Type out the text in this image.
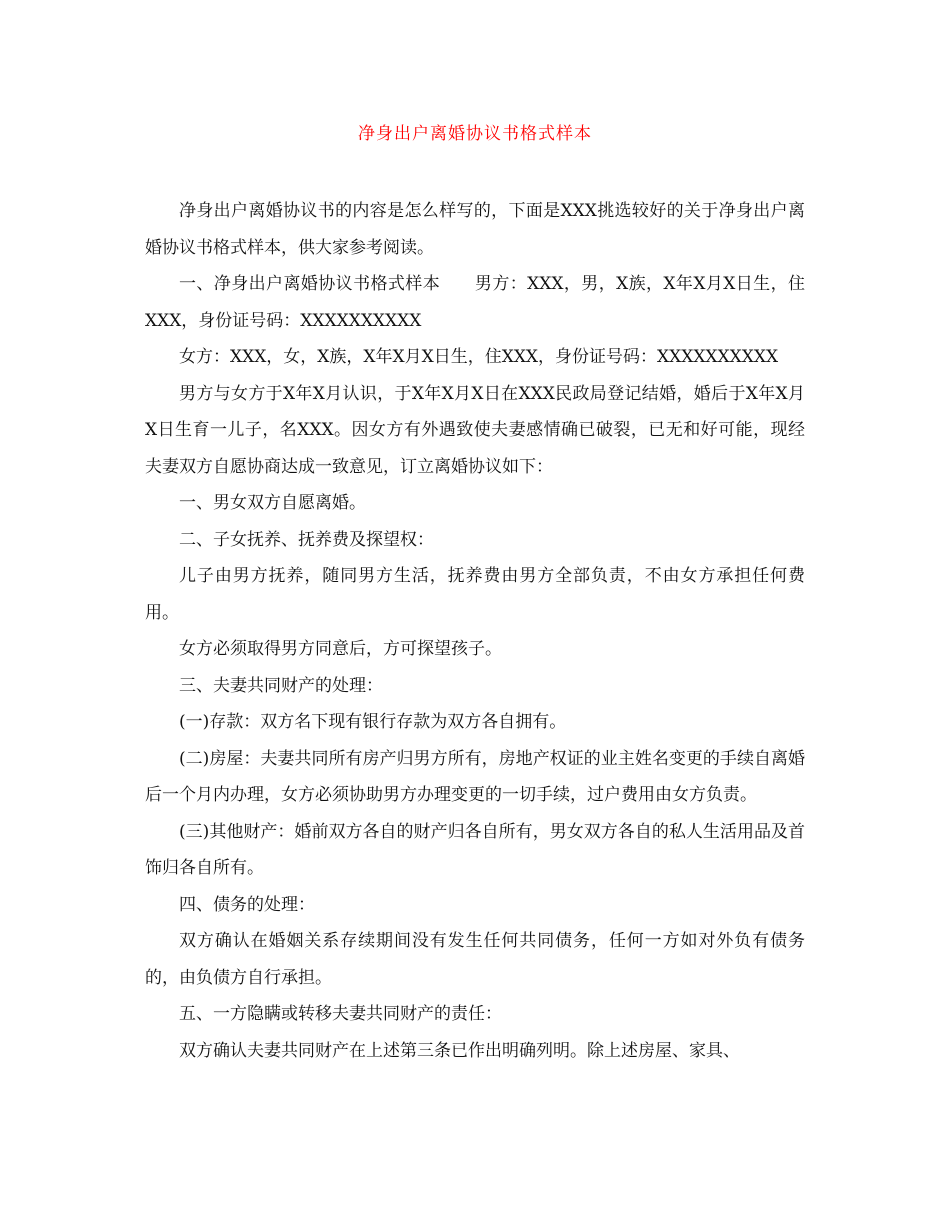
净身出户离婚协议书格式样本

净身出户离婚协议书的内容是怎么样写的，下面是XXX挑选较好的关于净身出户离婚协议书格式样本，供大家参考阅读。

一、净身出户离婚协议书格式样本　　男方：XXX，男，X族，X年X月X日生，住XXX，身份证号码：XXXXXXXXXX

女方：XXX，女，X族，X年X月X日生，住XXX，身份证号码：XXXXXXXXXX

男方与女方于X年X月认识，于X年X月X日在XXX民政局登记结婚，婚后于X年X月X日生育一儿子，名XXX。因女方有外遇致使夫妻感情确已破裂，已无和好可能，现经夫妻双方自愿协商达成一致意见，订立离婚协议如下：

一、男女双方自愿离婚。

二、子女抚养、抚养费及探望权：

儿子由男方抚养，随同男方生活，抚养费由男方全部负责，不由女方承担任何费用。

女方必须取得男方同意后，方可探望孩子。

三、夫妻共同财产的处理：

(一)存款：双方名下现有银行存款为双方各自拥有。

(二)房屋：夫妻共同所有房产归男方所有，房地产权证的业主姓名变更的手续自离婚后一个月内办理，女方必须协助男方办理变更的一切手续，过户费用由女方负责。

(三)其他财产：婚前双方各自的财产归各自所有，男女双方各自的私人生活用品及首饰归各自所有。

四、债务的处理：

双方确认在婚姻关系存续期间没有发生任何共同债务，任何一方如对外负有债务的，由负债方自行承担。

五、一方隐瞒或转移夫妻共同财产的责任：

双方确认夫妻共同财产在上述第三条已作出明确列明。除上述房屋、家具、
